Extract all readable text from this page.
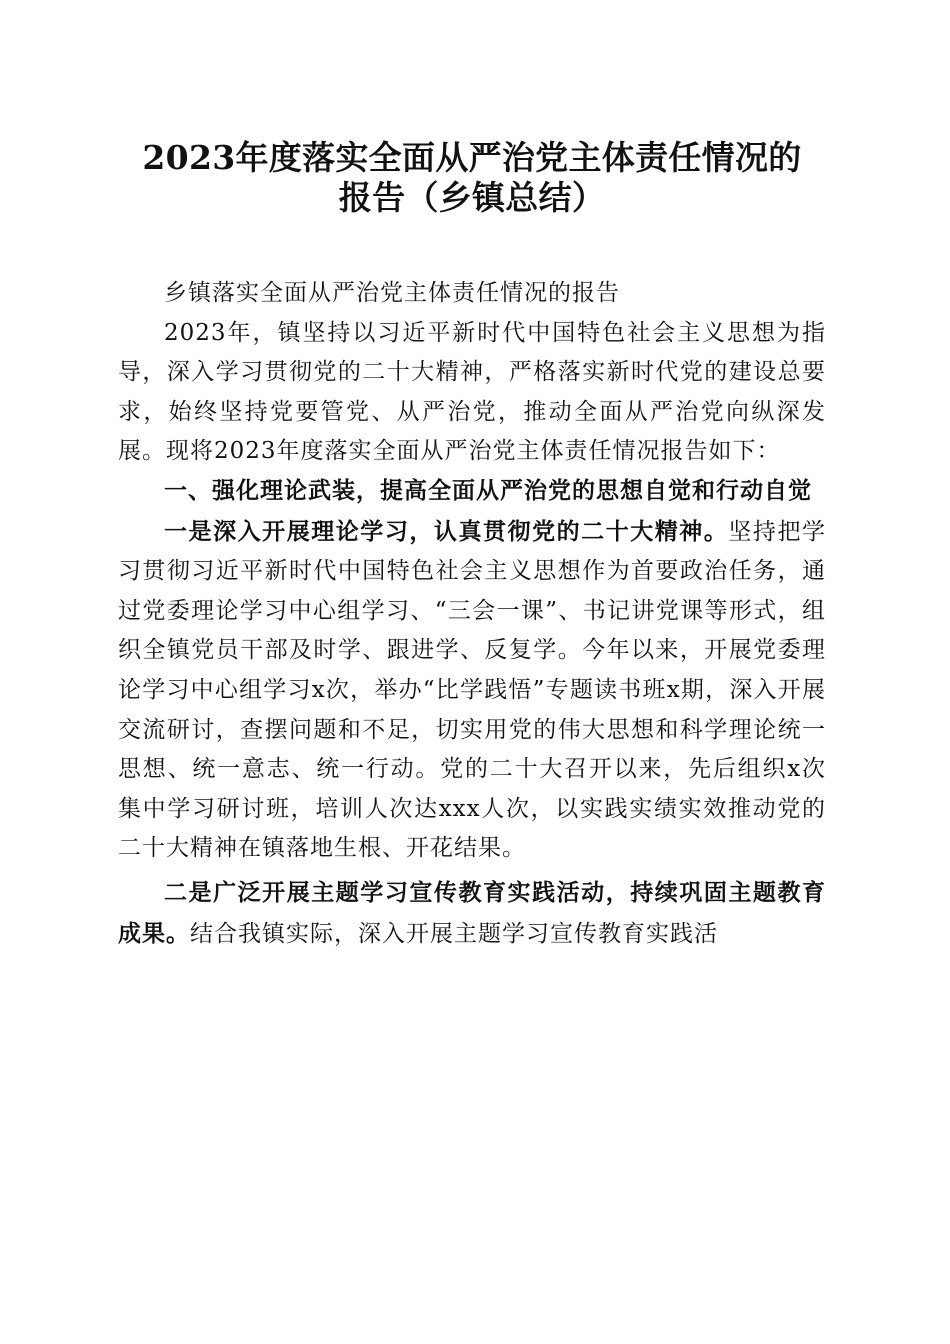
2023年度落实全面从严治党主体责任情况的
报告（乡镇总结）

乡镇落实全面从严治党主体责任情况的报告

2023年，镇坚持以习近平新时代中国特色社会主义思想为指导，深入学习贯彻党的二十大精神，严格落实新时代党的建设总要求，始终坚持党要管党、从严治党，推动全面从严治党向纵深发展。现将2023年度落实全面从严治党主体责任情况报告如下：

一、强化理论武装，提高全面从严治党的思想自觉和行动自觉

一是深入开展理论学习，认真贯彻党的二十大精神。坚持把学习贯彻习近平新时代中国特色社会主义思想作为首要政治任务，通过党委理论学习中心组学习、“三会一课”、书记讲党课等形式，组织全镇党员干部及时学、跟进学、反复学。今年以来，开展党委理论学习中心组学习x次，举办“比学践悟”专题读书班x期，深入开展交流研讨，查摆问题和不足，切实用党的伟大思想和科学理论统一思想、统一意志、统一行动。党的二十大召开以来，先后组织x次集中学习研讨班，培训人次达xxx人次，以实践实绩实效推动党的二十大精神在镇落地生根、开花结果。

二是广泛开展主题学习宣传教育实践活动，持续巩固主题教育成果。结合我镇实际，深入开展主题学习宣传教育实践活
